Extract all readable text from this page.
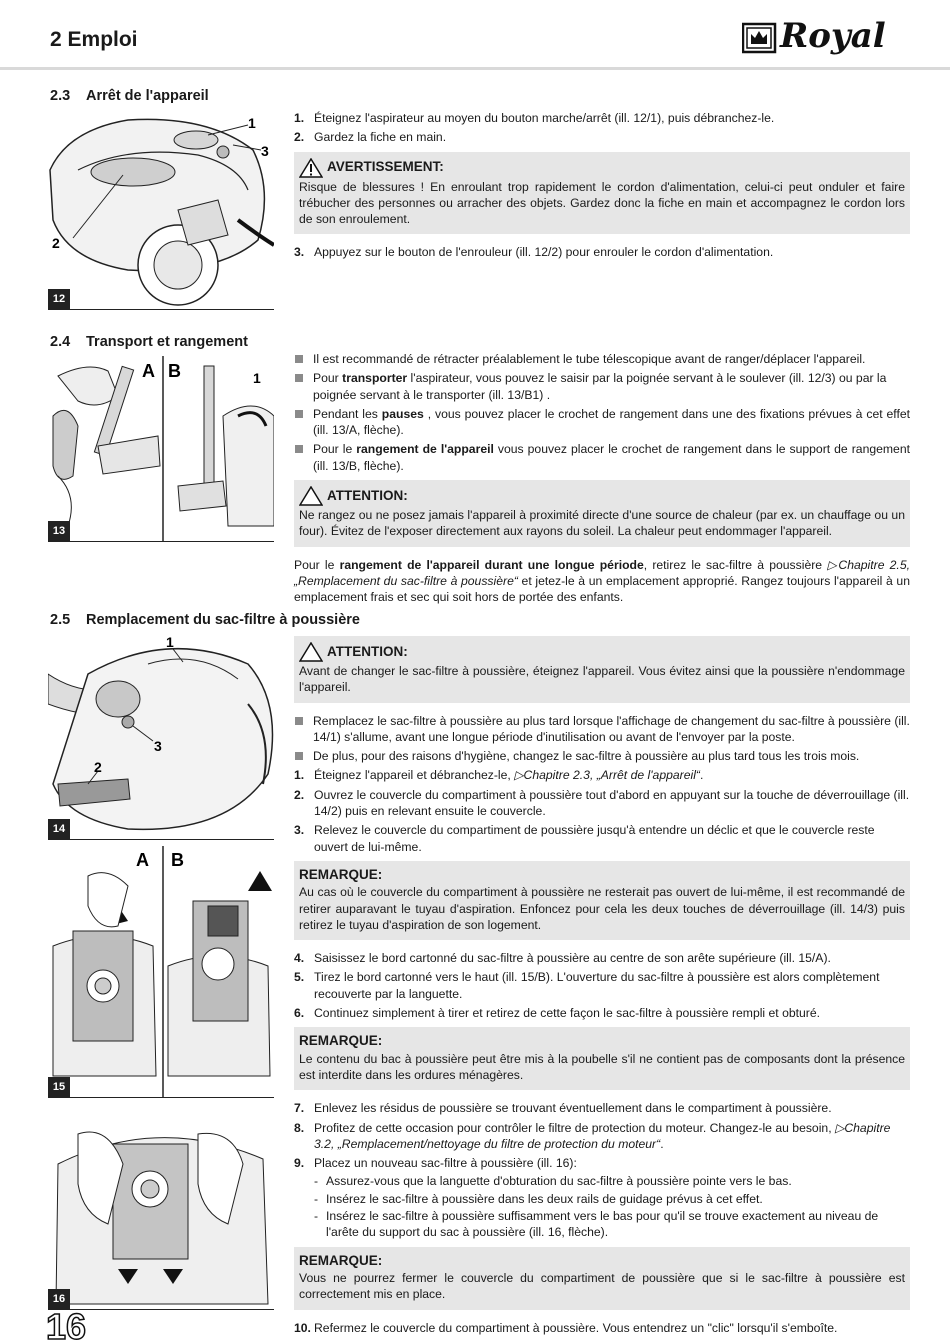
2 Emploi	Royal
2.3 Arrêt de l'appareil
1
3
2
12
1. Éteignez l'aspirateur au moyen du bouton marche/arrêt (ill. 12/1), puis débranchez-le.
2. Gardez la fiche en main.
AVERTISSEMENT:
Risque de blessures ! En enroulant trop rapidement le cordon d'alimentation, celui-ci peut onduler et faire trébucher des personnes ou arracher des objets. Gardez donc la fiche en main et accompagnez le cordon lors de son enroulement.
3. Appuyez sur le bouton de l'enrouleur (ill. 12/2) pour enrouler le cordon d'alimentation.
2.4 Transport et rangement
A B	1
13
Il est recommandé de rétracter préalablement le tube télescopique avant de ranger/déplacer l'appareil.
Pour transporter l'aspirateur, vous pouvez le saisir par la poignée servant à le soulever (ill. 12/3) ou par la poignée servant à le transporter (ill. 13/B1) .
Pendant les pauses , vous pouvez placer le crochet de rangement dans une des fixations prévues à cet effet (ill. 13/A, flèche).
Pour le rangement de l'appareil vous pouvez placer le crochet de rangement dans le support de rangement (ill. 13/B, flèche).
ATTENTION:
Ne rangez ou ne posez jamais l'appareil à proximité directe d'une source de chaleur (par ex. un chauffage ou un four). Évitez de l'exposer directement aux rayons du soleil. La chaleur peut endommager l'appareil.
Pour le rangement de l'appareil durant une longue période, retirez le sac-filtre à poussière ▷Chapitre 2.5, „Remplacement du sac-filtre à poussière“ et jetez-le à un emplacement approprié. Rangez toujours l'appareil à un emplacement frais et sec qui soit hors de portée des enfants.
2.5 Remplacement du sac-filtre à poussière
1
3
2
14
A B
15
16
ATTENTION:
Avant de changer le sac-filtre à poussière, éteignez l'appareil. Vous évitez ainsi que la poussière n'endommage l'appareil.
Remplacez le sac-filtre à poussière au plus tard lorsque l'affichage de changement du sac-filtre à poussière (ill. 14/1) s'allume, avant une longue période d'inutilisation ou avant de l'envoyer par la poste.
De plus, pour des raisons d'hygiène, changez le sac-filtre à poussière au plus tard tous les trois mois.
1. Éteignez l'appareil et débranchez-le, ▷Chapitre 2.3, „Arrêt de l'appareil“.
2. Ouvrez le couvercle du compartiment à poussière tout d'abord en appuyant sur la touche de déverrouillage (ill. 14/2) puis en relevant ensuite le couvercle.
3. Relevez le couvercle du compartiment de poussière jusqu'à entendre un déclic et que le couvercle reste ouvert de lui-même.
REMARQUE:
Au cas où le couvercle du compartiment à poussière ne resterait pas ouvert de lui-même, il est recommandé de retirer auparavant le tuyau d'aspiration. Enfoncez pour cela les deux touches de déverrouillage (ill. 14/3) puis retirez le tuyau d'aspiration de son logement.
4. Saisissez le bord cartonné du sac-filtre à poussière au centre de son arête supérieure (ill. 15/A).
5. Tirez le bord cartonné vers le haut (ill. 15/B). L'ouverture du sac-filtre à poussière est alors complètement recouverte par la languette.
6. Continuez simplement à tirer et retirez de cette façon le sac-filtre à poussière rempli et obturé.
REMARQUE:
Le contenu du bac à poussière peut être mis à la poubelle s'il ne contient pas de composants dont la présence est interdite dans les ordures ménagères.
7. Enlevez les résidus de poussière se trouvant éventuellement dans le compartiment à poussière.
8. Profitez de cette occasion pour contrôler le filtre de protection du moteur. Changez-le au besoin, ▷Chapitre 3.2, „Remplacement/nettoyage du filtre de protection du moteur“.
9. Placez un nouveau sac-filtre à poussière (ill. 16):
- Assurez-vous que la languette d'obturation du sac-filtre à poussière pointe vers le bas.
- Insérez le sac-filtre à poussière dans les deux rails de guidage prévus à cet effet.
- Insérez le sac-filtre à poussière suffisamment vers le bas pour qu'il se trouve exactement au niveau de l'arête du support du sac à poussière (ill. 16, flèche).
REMARQUE:
Vous ne pourrez fermer le couvercle du compartiment de poussière que si le sac-filtre à poussière est correctement mis en place.
10. Refermez le couvercle du compartiment à poussière. Vous entendrez un "clic" lorsqu'il s'emboîte.
16
